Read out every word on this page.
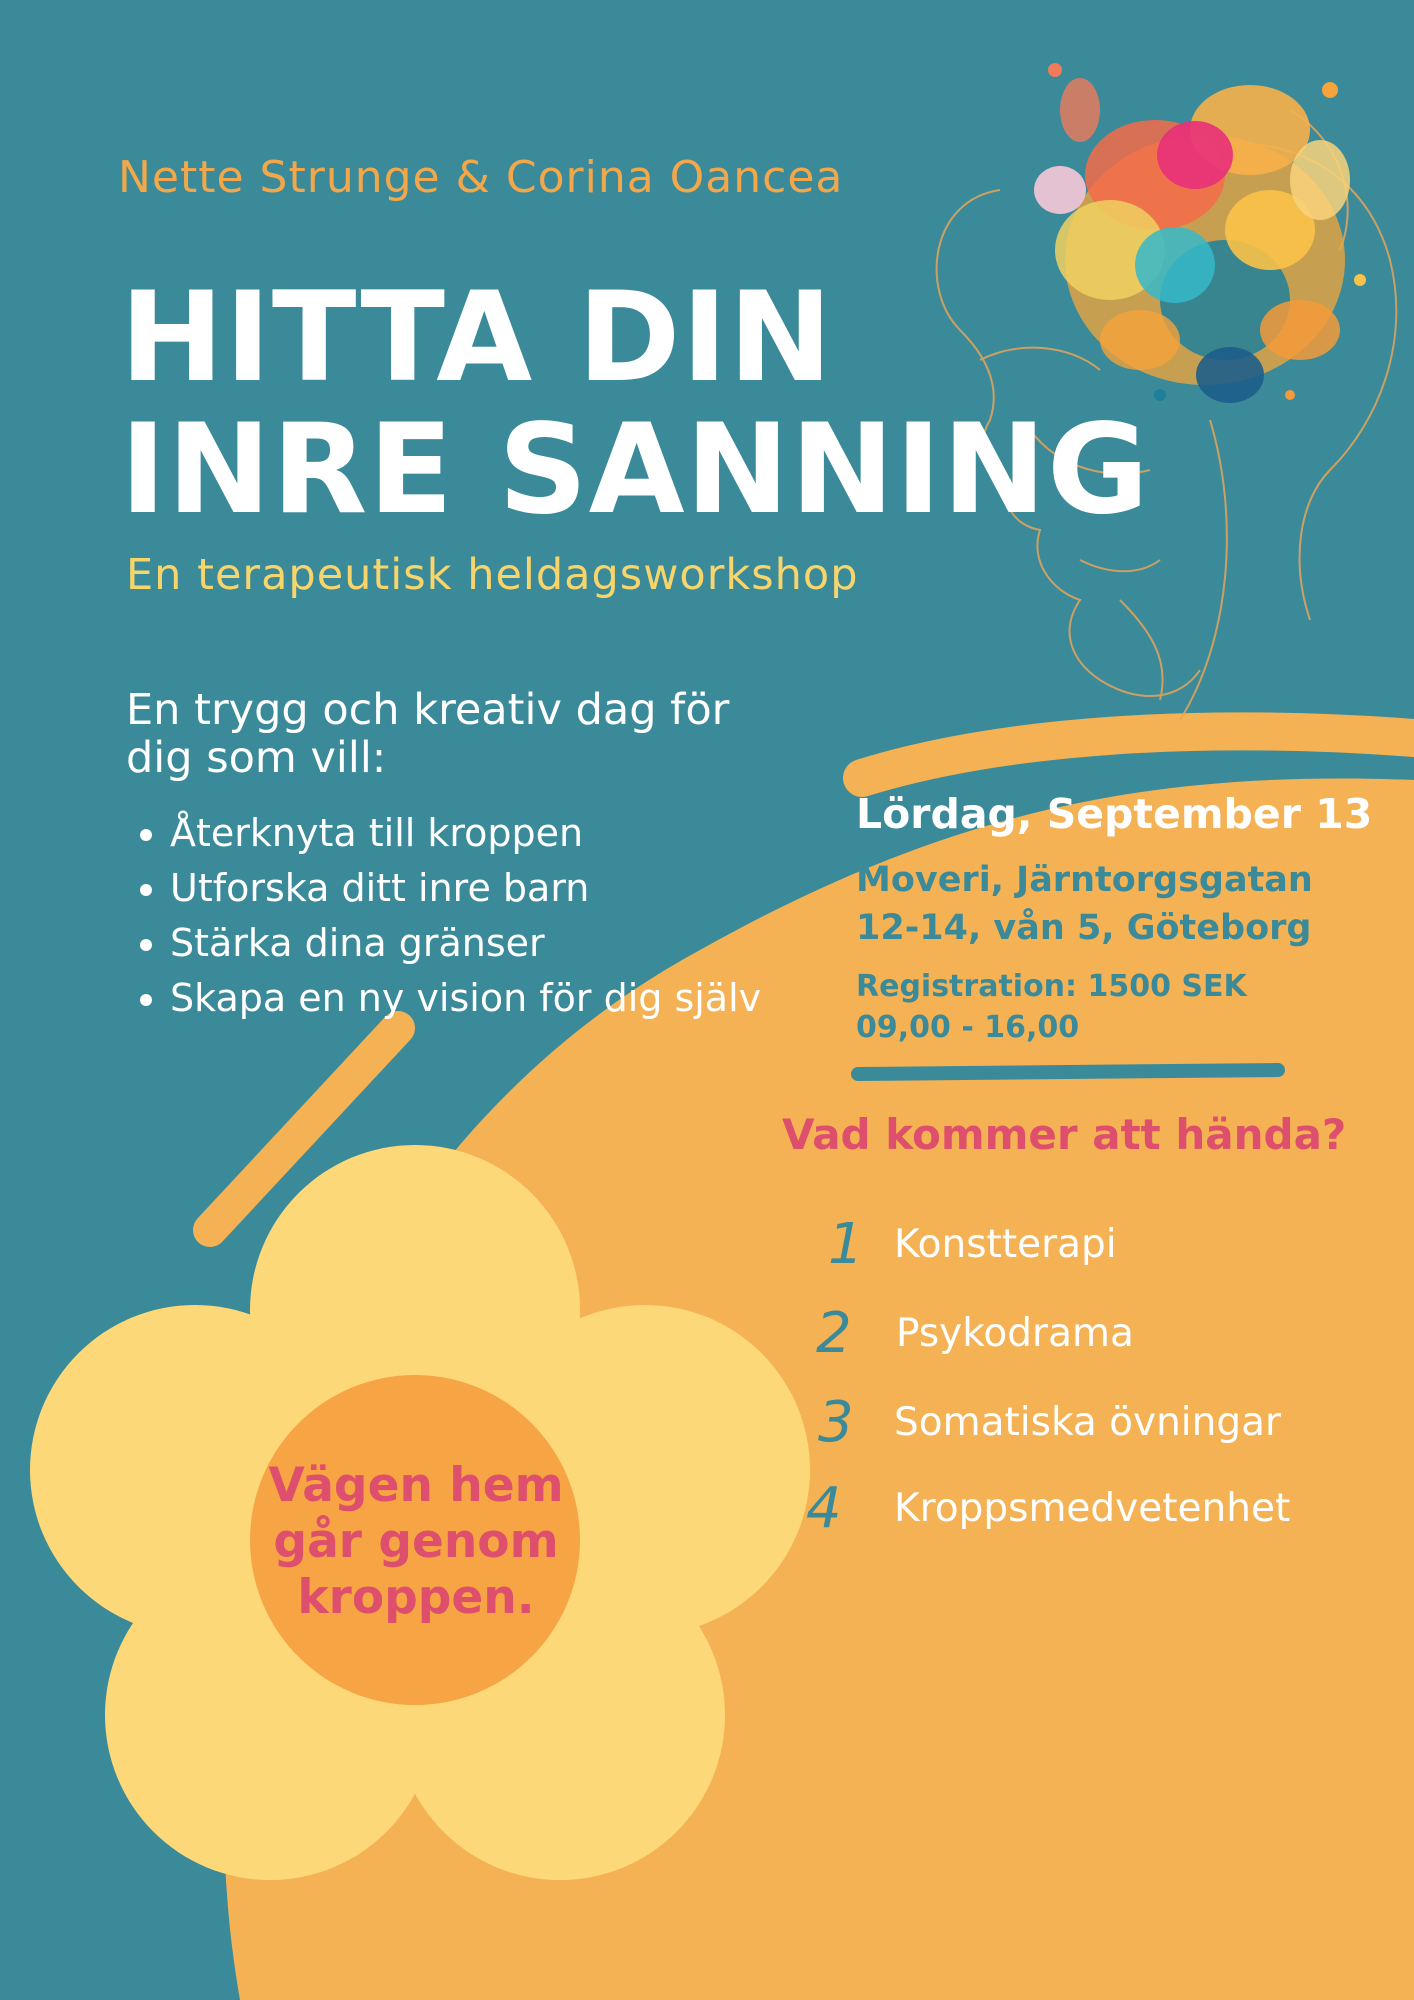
Nette Strunge & Corina Oancea
HITTA DIN
INRE SANNING
En terapeutisk heldagsworkshop
En trygg och kreativ dag för dig som vill:
• Återknyta till kroppen
• Utforska ditt inre barn
• Stärka dina gränser
• Skapa en ny vision för dig själv
Lördag, September 13
Moveri, Järntorgsgatan 12-14, vån 5, Göteborg
Registration: 1500 SEK
09,00 - 16,00
Vad kommer att hända?
1 Konstterapi
2 Psykodrama
3 Somatiska övningar
4 Kroppsmedvetenhet
Vägen hem går genom kroppen.
